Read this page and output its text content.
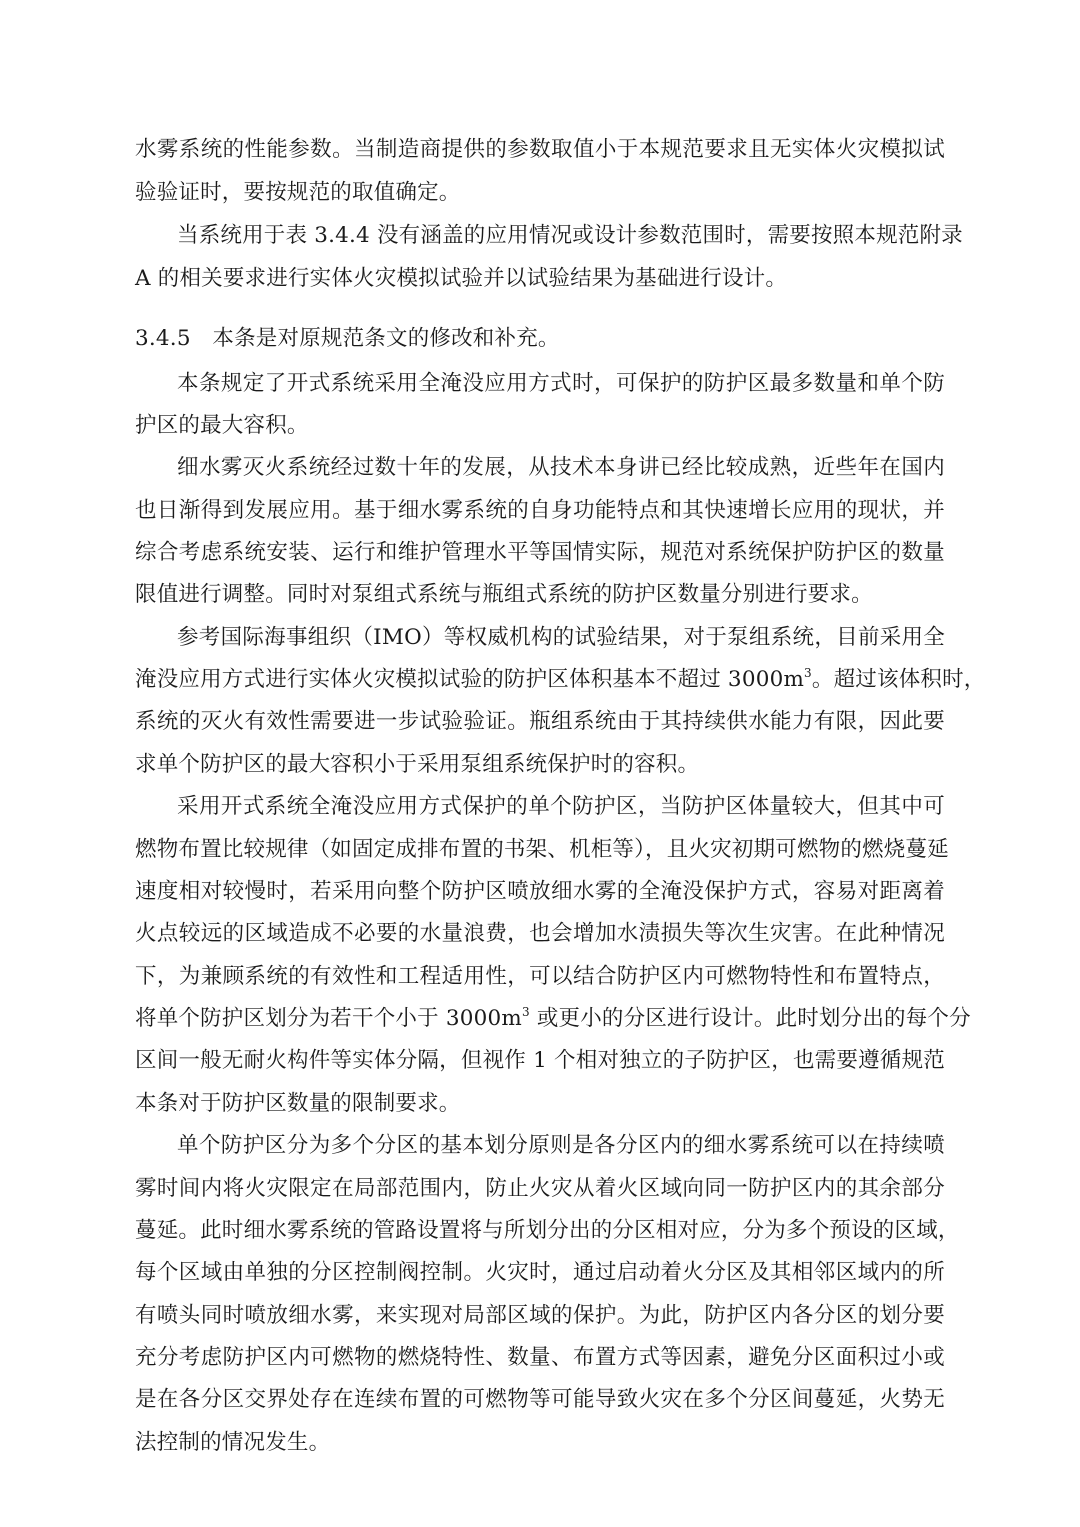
水雾系统的性能参数。当制造商提供的参数取值小于本规范要求且无实体火灾模拟试
验验证时，要按规范的取值确定。
当系统用于表 3.4.4 没有涵盖的应用情况或设计参数范围时，需要按照本规范附录
A 的相关要求进行实体火灾模拟试验并以试验结果为基础进行设计。
3.4.5　本条是对原规范条文的修改和补充。
本条规定了开式系统采用全淹没应用方式时，可保护的防护区最多数量和单个防
护区的最大容积。
细水雾灭火系统经过数十年的发展，从技术本身讲已经比较成熟，近些年在国内
也日渐得到发展应用。基于细水雾系统的自身功能特点和其快速增长应用的现状，并
综合考虑系统安装、运行和维护管理水平等国情实际，规范对系统保护防护区的数量
限值进行调整。同时对泵组式系统与瓶组式系统的防护区数量分别进行要求。
参考国际海事组织（IMO）等权威机构的试验结果，对于泵组系统，目前采用全
淹没应用方式进行实体火灾模拟试验的防护区体积基本不超过 $3000m^3$。超过该体积时，
系统的灭火有效性需要进一步试验验证。瓶组系统由于其持续供水能力有限，因此要
求单个防护区的最大容积小于采用泵组系统保护时的容积。
采用开式系统全淹没应用方式保护的单个防护区，当防护区体量较大，但其中可
燃物布置比较规律（如固定成排布置的书架、机柜等），且火灾初期可燃物的燃烧蔓延
速度相对较慢时，若采用向整个防护区喷放细水雾的全淹没保护方式，容易对距离着
火点较远的区域造成不必要的水量浪费，也会增加水渍损失等次生灾害。在此种情况
下，为兼顾系统的有效性和工程适用性，可以结合防护区内可燃物特性和布置特点，
将单个防护区划分为若干个小于 $3000m^3$ 或更小的分区进行设计。此时划分出的每个分
区间一般无耐火构件等实体分隔，但视作 1 个相对独立的子防护区，也需要遵循规范
本条对于防护区数量的限制要求。
单个防护区分为多个分区的基本划分原则是各分区内的细水雾系统可以在持续喷
雾时间内将火灾限定在局部范围内，防止火灾从着火区域向同一防护区内的其余部分
蔓延。此时细水雾系统的管路设置将与所划分出的分区相对应，分为多个预设的区域，
每个区域由单独的分区控制阀控制。火灾时，通过启动着火分区及其相邻区域内的所
有喷头同时喷放细水雾，来实现对局部区域的保护。为此，防护区内各分区的划分要
充分考虑防护区内可燃物的燃烧特性、数量、布置方式等因素，避免分区面积过小或
是在各分区交界处存在连续布置的可燃物等可能导致火灾在多个分区间蔓延，火势无
法控制的情况发生。
